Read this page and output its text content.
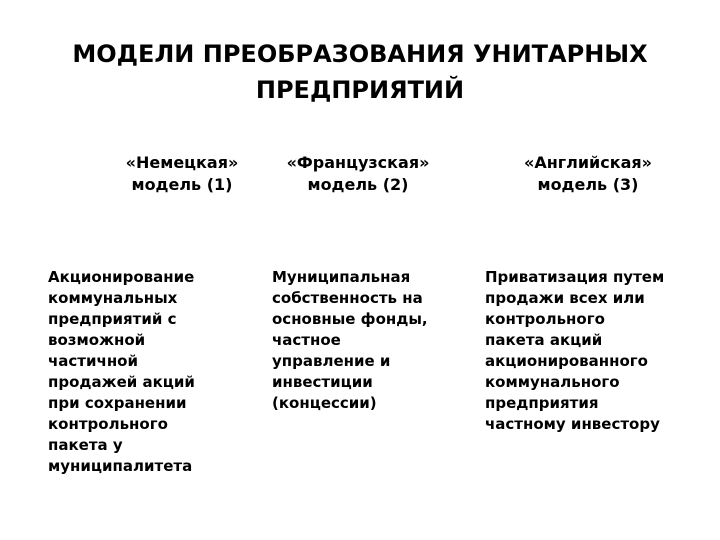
МОДЕЛИ ПРЕОБРАЗОВАНИЯ УНИТАРНЫХ
ПРЕДПРИЯТИЙ
«Немецкая»
модель (1)
«Французская»
модель (2)
«Английская»
модель (3)
Акционирование
коммунальных
предприятий с
возможной
частичной
продажей акций
при сохранении
контрольного
пакета у
муниципалитета
Муниципальная
собственность на
основные фонды,
частное
управление и
инвестиции
(концессии)
Приватизация путем
продажи всех или
контрольного
пакета акций
акционированного
коммунального
предприятия
частному инвестору
